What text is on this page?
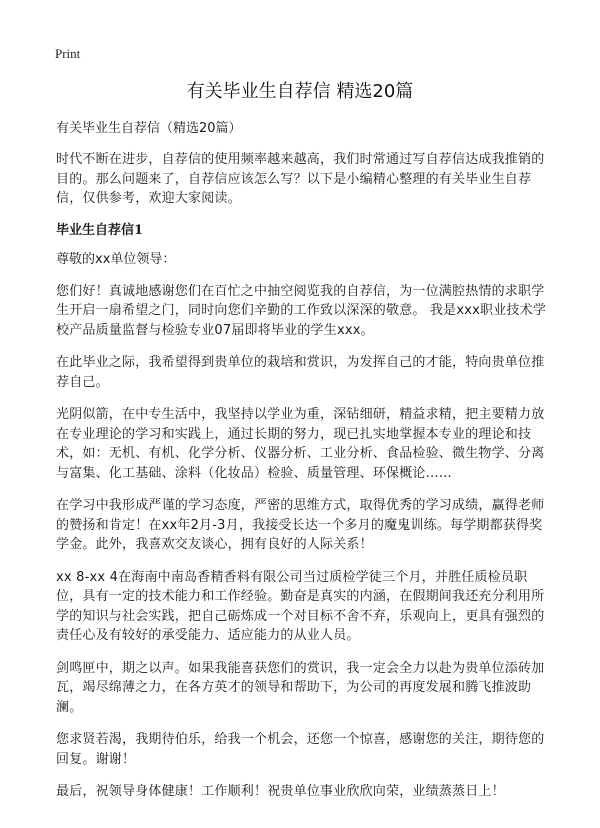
Print
有关毕业生自荐信 精选20篇
有关毕业生自荐信（精选20篇）

时代不断在进步，自荐信的使用频率越来越高，我们时常通过写自荐信达成我推销的目的。那么问题来了，自荐信应该怎么写？以下是小编精心整理的有关毕业生自荐信，仅供参考，欢迎大家阅读。

毕业生自荐信1
尊敬的xx单位领导：

您们好！真诚地感谢您们在百忙之中抽空阅览我的自荐信，为一位满腔热情的求职学生开启一扇希望之门，同时向您们辛勤的工作致以深深的敬意。 我是xxx职业技术学校产品质量监督与检验专业07届即将毕业的学生xxx。

在此毕业之际，我希望得到贵单位的栽培和赏识，为发挥自己的才能，特向贵单位推荐自己。

光阴似箭，在中专生活中，我坚持以学业为重，深钻细研，精益求精，把主要精力放在专业理论的学习和实践上，通过长期的努力，现已扎实地掌握本专业的理论和技术，如：无机、有机、化学分析、仪器分析、工业分析、食品检验、微生物学、分离与富集、化工基础、涂料（化妆品）检验、质量管理、环保概论……

在学习中我形成严谨的学习态度，严密的思维方式，取得优秀的学习成绩，赢得老师的赞扬和肯定！在xx年2月-3月，我接受长达一个多月的魔鬼训练。每学期都获得奖学金。此外，我喜欢交友谈心，拥有良好的人际关系！

xx 8-xx 4在海南中南岛香精香料有限公司当过质检学徒三个月，并胜任质检员职位，具有一定的技术能力和工作经验。勤奋是真实的内涵，在假期间我还充分利用所学的知识与社会实践，把自己砺炼成一个对目标不舍不弃，乐观向上，更具有强烈的 责任心及有较好的承受能力、适应能力的从业人员。

剑鸣匣中，期之以声。如果我能喜获您们的赏识，我一定会全力以赴为贵单位添砖加瓦，竭尽绵薄之力，在各方英才的领导和帮助下，为公司的再度发展和腾飞推波助澜。

您求贤若渴，我期待伯乐，给我一个机会，还您一个惊喜，感谢您的关注，期待您的回复。谢谢！

最后，祝领导身体健康！工作顺利！祝贵单位事业欣欣向荣，业绩蒸蒸日上！
